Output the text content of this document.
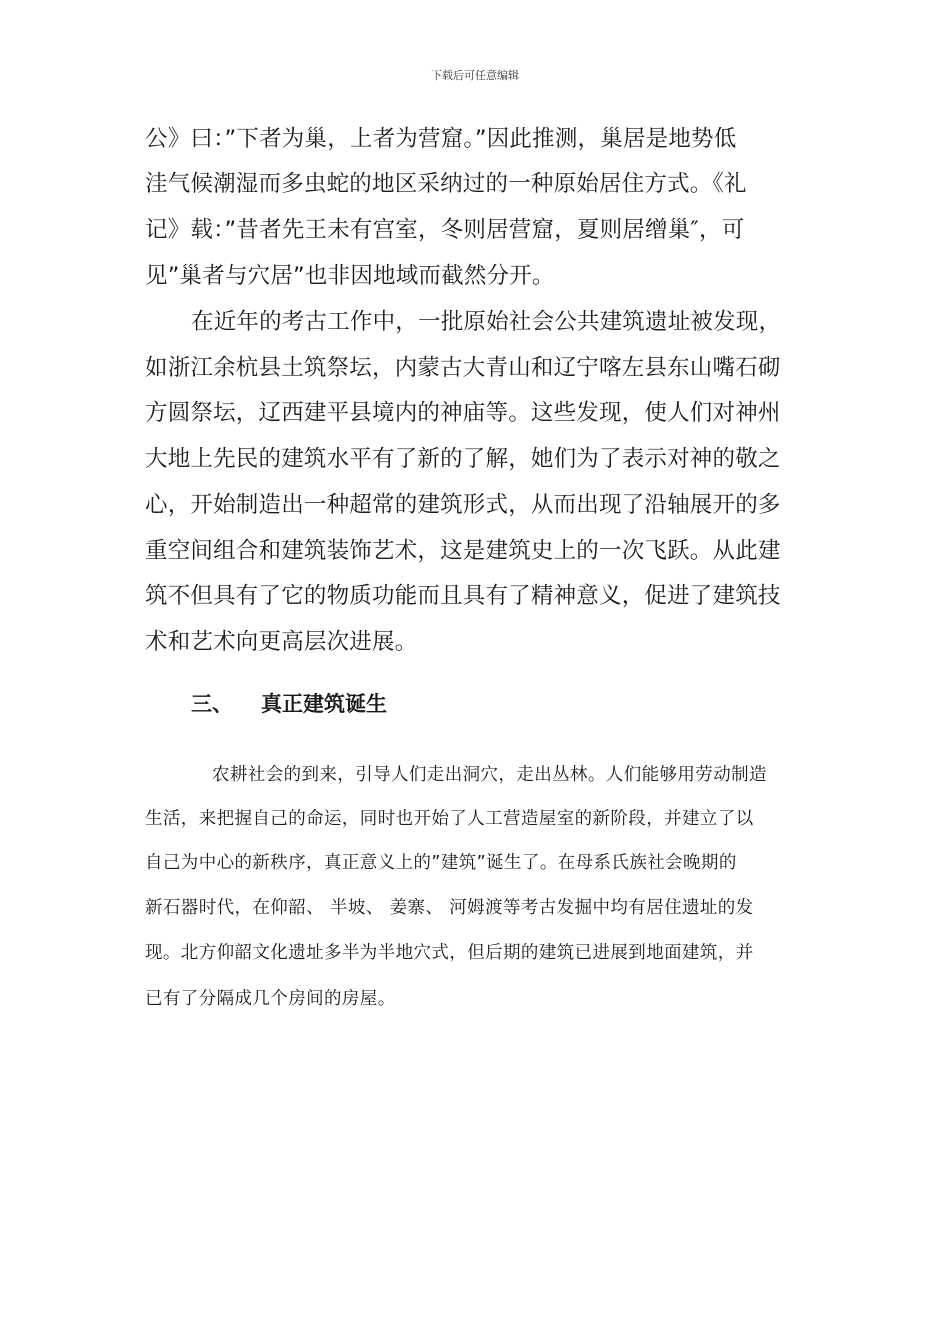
下载后可任意编辑
公》曰：”下者为巢，上者为营窟。”因此推测，巢居是地势低
洼气候潮湿而多虫蛇的地区采纳过的一种原始居住方式。《礼
记》载：”昔者先王未有宫室，冬则居营窟，夏则居缯巢″，可
见”巢者与穴居”也非因地域而截然分开。
在近年的考古工作中，一批原始社会公共建筑遗址被发现，
如浙江余杭县土筑祭坛，内蒙古大青山和辽宁喀左县东山嘴石砌
方圆祭坛，辽西建平县境内的神庙等。这些发现，使人们对神州
大地上先民的建筑水平有了新的了解，她们为了表示对神的敬之
心，开始制造出一种超常的建筑形式，从而出现了沿轴展开的多
重空间组合和建筑装饰艺术，这是建筑史上的一次飞跃。从此建
筑不但具有了它的物质功能而且具有了精神意义，促进了建筑技
术和艺术向更高层次进展。
三、 真正建筑诞生
农耕社会的到来，引导人们走出洞穴，走出丛林。人们能够用劳动制造
生活，来把握自己的命运，同时也开始了人工营造屋室的新阶段，并建立了以
自己为中心的新秩序，真正意义上的”建筑”诞生了。在母系氏族社会晚期的
新石器时代，在仰韶、 半坡、 姜寨、 河姆渡等考古发掘中均有居住遗址的发
现。北方仰韶文化遗址多半为半地穴式，但后期的建筑已进展到地面建筑，并
已有了分隔成几个房间的房屋。
